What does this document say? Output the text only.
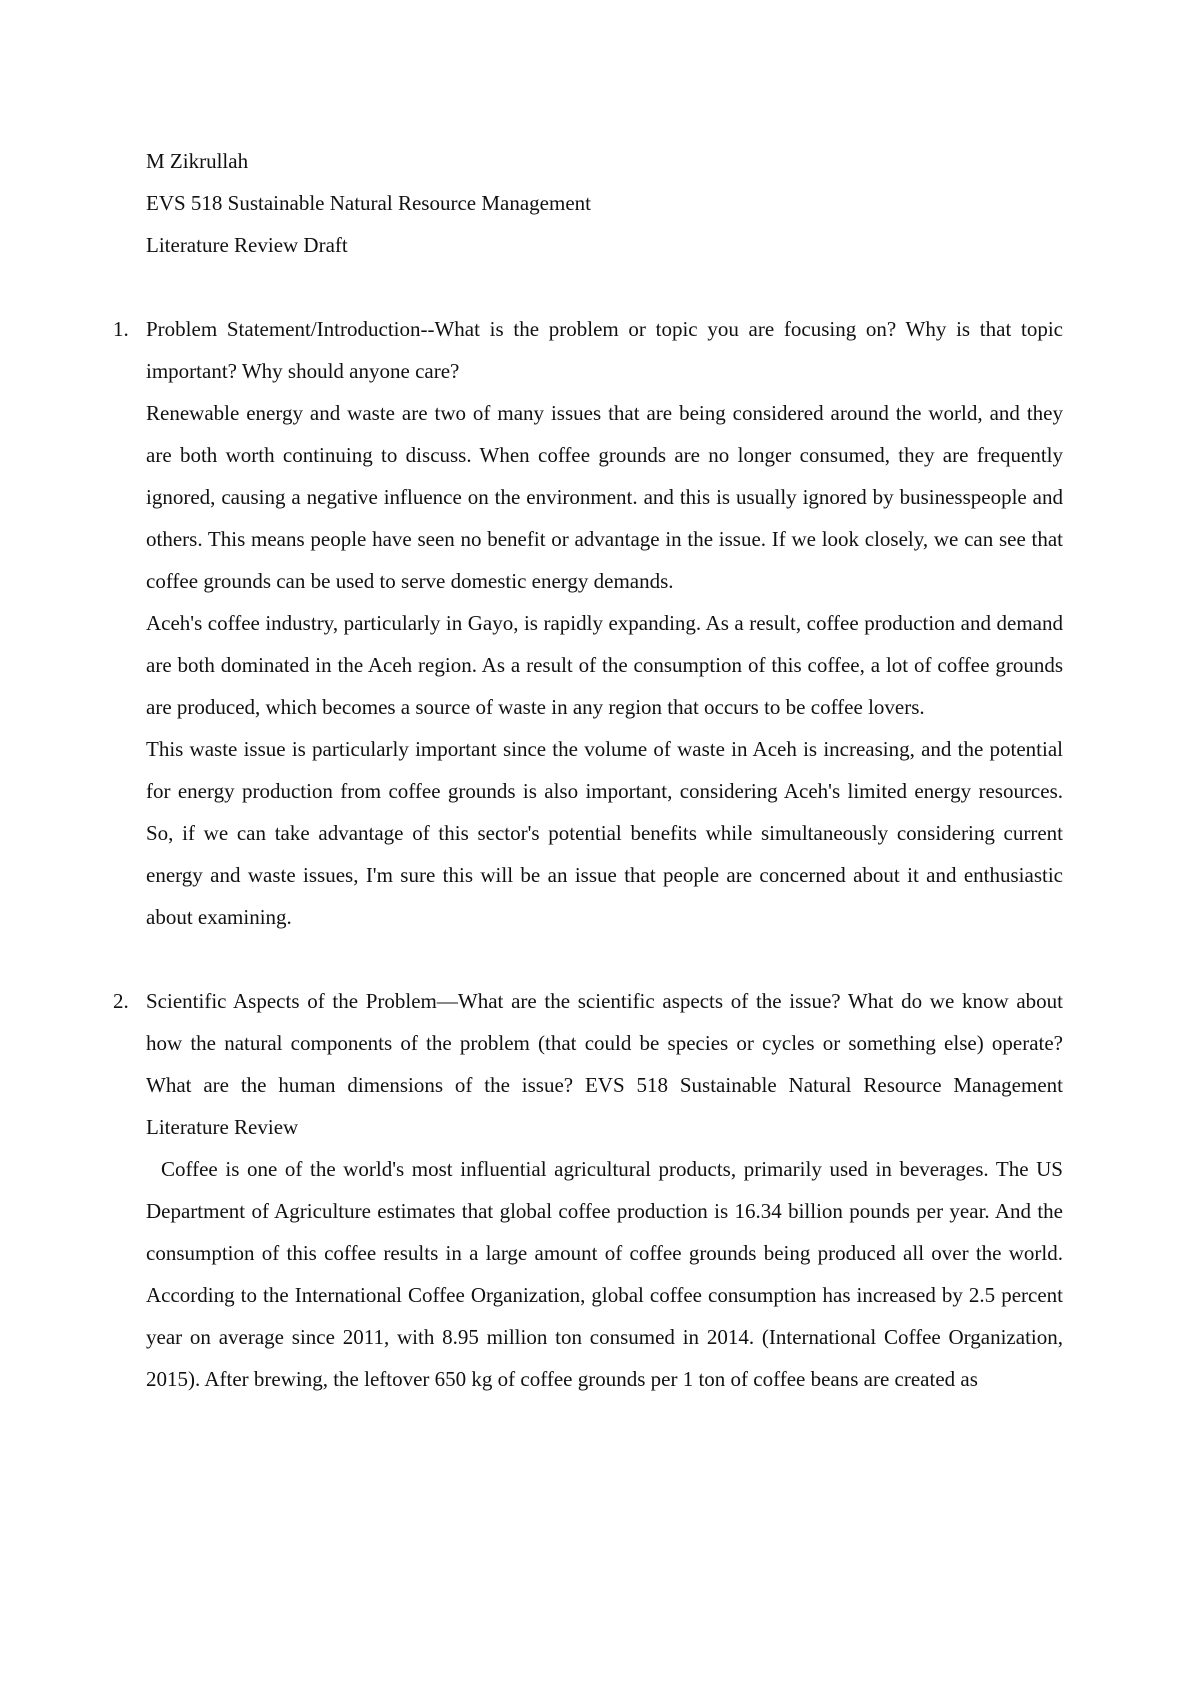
M Zikrullah

EVS 518 Sustainable Natural Resource Management

Literature Review Draft

1. Problem Statement/Introduction--What is the problem or topic you are focusing on? Why is that topic important? Why should anyone care?

Renewable energy and waste are two of many issues that are being considered around the world, and they are both worth continuing to discuss. When coffee grounds are no longer consumed, they are frequently ignored, causing a negative influence on the environment. and this is usually ignored by businesspeople and others. This means people have seen no benefit or advantage in the issue. If we look closely, we can see that coffee grounds can be used to serve domestic energy demands.

Aceh's coffee industry, particularly in Gayo, is rapidly expanding. As a result, coffee production and demand are both dominated in the Aceh region. As a result of the consumption of this coffee, a lot of coffee grounds are produced, which becomes a source of waste in any region that occurs to be coffee lovers.

This waste issue is particularly important since the volume of waste in Aceh is increasing, and the potential for energy production from coffee grounds is also important, considering Aceh's limited energy resources. So, if we can take advantage of this sector's potential benefits while simultaneously considering current energy and waste issues, I'm sure this will be an issue that people are concerned about it and enthusiastic about examining.

2. Scientific Aspects of the Problem—What are the scientific aspects of the issue? What do we know about how the natural components of the problem (that could be species or cycles or something else) operate? What are the human dimensions of the issue? EVS 518 Sustainable Natural Resource Management Literature Review

Coffee is one of the world's most influential agricultural products, primarily used in beverages. The US Department of Agriculture estimates that global coffee production is 16.34 billion pounds per year. And the consumption of this coffee results in a large amount of coffee grounds being produced all over the world. According to the International Coffee Organization, global coffee consumption has increased by 2.5 percent year on average since 2011, with 8.95 million ton consumed in 2014. (International Coffee Organization, 2015). After brewing, the leftover 650 kg of coffee grounds per 1 ton of coffee beans are created as
